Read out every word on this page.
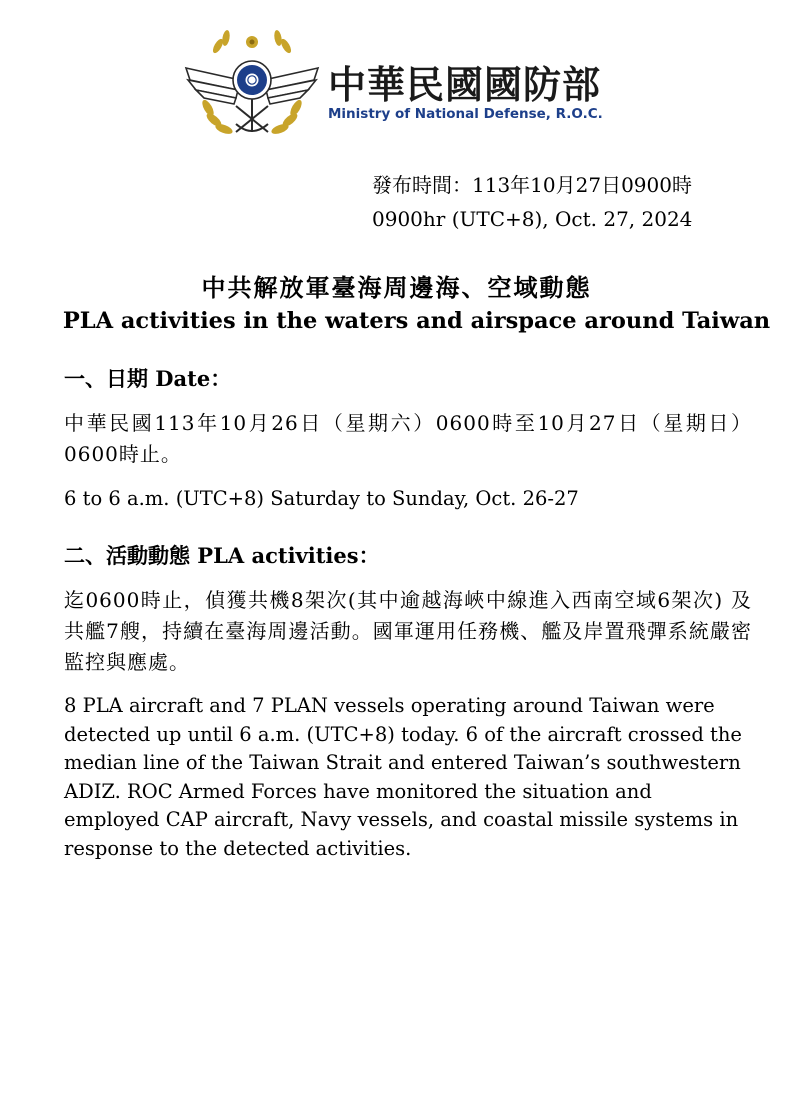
中華民國國防部
Ministry of National Defense, R.O.C.
發布時間：113年10月27日0900時
0900hr (UTC+8), Oct. 27, 2024
中共解放軍臺海周邊海、空域動態
PLA activities in the waters and airspace around Taiwan
一、日期 Date：

中華民國113年10月26日（星期六）0600時至10月27日（星期日）0600時止。

6 to 6 a.m. (UTC+8) Saturday to Sunday, Oct. 26-27

二、活動動態 PLA activities：

迄0600時止，偵獲共機8架次(其中逾越海峽中線進入西南空域6架次) 及共艦7艘，持續在臺海周邊活動。國軍運用任務機、艦及岸置飛彈系統嚴密監控與應處。

8 PLA aircraft and 7 PLAN vessels operating around Taiwan were detected up until 6 a.m. (UTC+8) today. 6 of the aircraft crossed the median line of the Taiwan Strait and entered Taiwan’s southwestern ADIZ. ROC Armed Forces have monitored the situation and employed CAP aircraft, Navy vessels, and coastal missile systems in response to the detected activities.
